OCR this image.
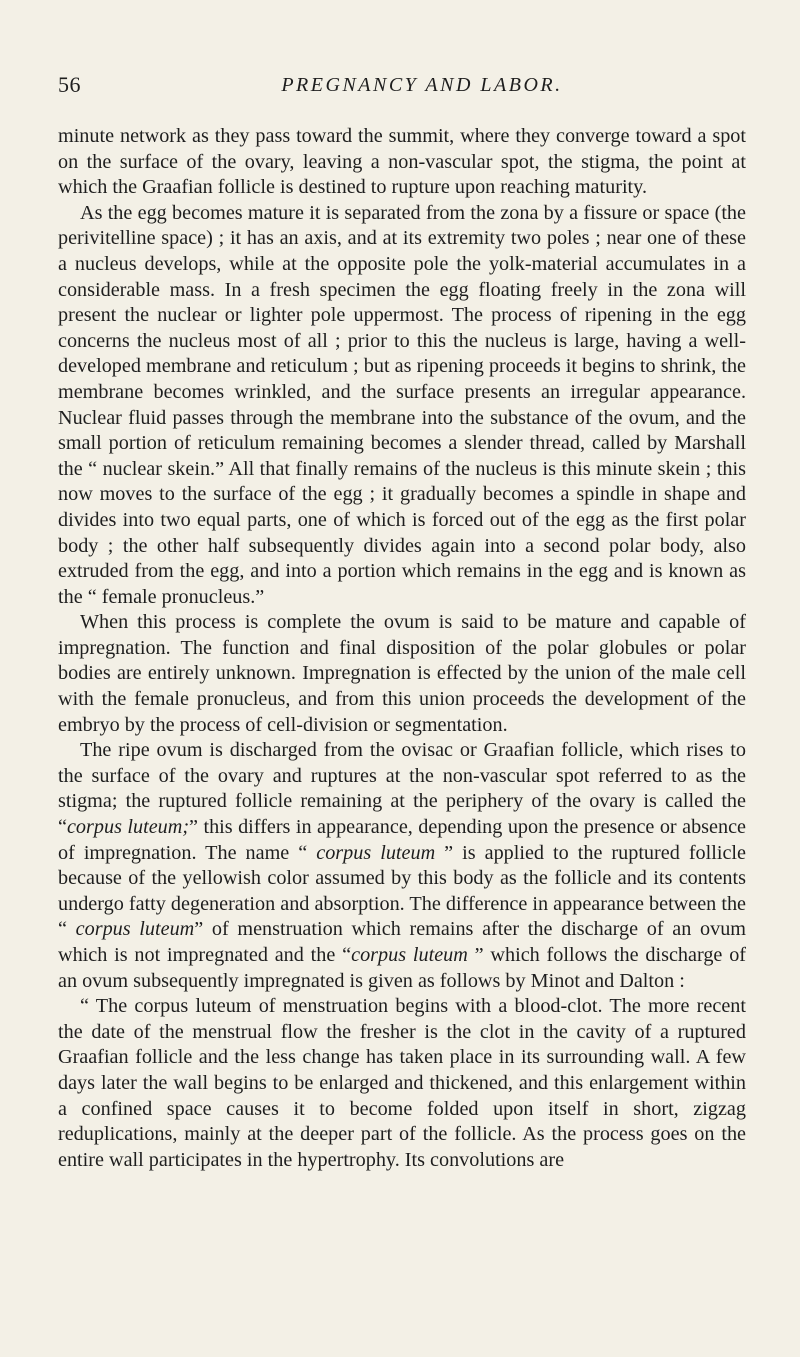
56	PREGNANCY AND LABOR.

minute network as they pass toward the summit, where they converge toward a spot on the surface of the ovary, leaving a non-vascular spot, the stigma, the point at which the Graafian follicle is destined to rupture upon reaching maturity.

As the egg becomes mature it is separated from the zona by a fissure or space (the perivitelline space) ; it has an axis, and at its extremity two poles ; near one of these a nucleus develops, while at the opposite pole the yolk-material accumulates in a considerable mass. In a fresh specimen the egg floating freely in the zona will present the nuclear or lighter pole uppermost. The process of ripening in the egg concerns the nucleus most of all ; prior to this the nucleus is large, having a well-developed membrane and reticulum ; but as ripening proceeds it begins to shrink, the membrane becomes wrinkled, and the surface presents an irregular appearance. Nuclear fluid passes through the membrane into the substance of the ovum, and the small portion of reticulum remaining becomes a slender thread, called by Marshall the “ nuclear skein.” All that finally remains of the nucleus is this minute skein ; this now moves to the surface of the egg ; it gradually becomes a spindle in shape and divides into two equal parts, one of which is forced out of the egg as the first polar body ; the other half subsequently divides again into a second polar body, also extruded from the egg, and into a portion which remains in the egg and is known as the “ female pronucleus.”

When this process is complete the ovum is said to be mature and capable of impregnation. The function and final disposition of the polar globules or polar bodies are entirely unknown. Impregnation is effected by the union of the male cell with the female pronucleus, and from this union proceeds the development of the embryo by the process of cell-division or segmentation.

The ripe ovum is discharged from the ovisac or Graafian follicle, which rises to the surface of the ovary and ruptures at the non-vascular spot referred to as the stigma; the ruptured follicle remaining at the periphery of the ovary is called the “corpus luteum;” this differs in appearance, depending upon the presence or absence of impregnation. The name “ corpus luteum ” is applied to the ruptured follicle because of the yellowish color assumed by this body as the follicle and its contents undergo fatty degeneration and absorption. The difference in appearance between the “ corpus luteum” of menstruation which remains after the discharge of an ovum which is not impregnated and the “corpus luteum ” which follows the discharge of an ovum subsequently impregnated is given as follows by Minot and Dalton :

“ The corpus luteum of menstruation begins with a blood-clot. The more recent the date of the menstrual flow the fresher is the clot in the cavity of a ruptured Graafian follicle and the less change has taken place in its surrounding wall. A few days later the wall begins to be enlarged and thickened, and this enlargement within a confined space causes it to become folded upon itself in short, zigzag reduplications, mainly at the deeper part of the follicle. As the process goes on the entire wall participates in the hypertrophy. Its convolutions are
